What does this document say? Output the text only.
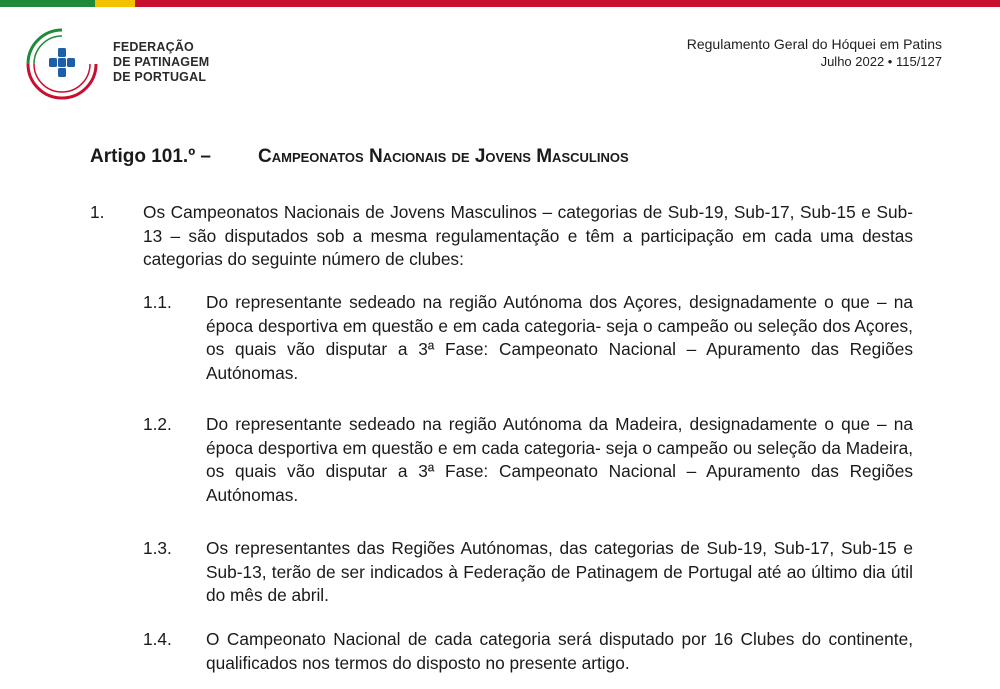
FEDERAÇÃO
DE PATINAGEM
DE PORTUGAL
Regulamento Geral do Hóquei em Patins
Julho 2022 • 115/127
Artigo 101.º – Campeonatos Nacionais de Jovens Masculinos
1. Os Campeonatos Nacionais de Jovens Masculinos – categorias de Sub-19, Sub-17, Sub-15 e Sub-13 – são disputados sob a mesma regulamentação e têm a participação em cada uma destas categorias do seguinte número de clubes:
1.1. Do representante sedeado na região Autónoma dos Açores, designadamente o que – na época desportiva em questão e em cada categoria- seja o campeão ou seleção dos Açores, os quais vão disputar a 3ª Fase: Campeonato Nacional – Apuramento das Regiões Autónomas.
1.2. Do representante sedeado na região Autónoma da Madeira, designadamente o que – na época desportiva em questão e em cada categoria- seja o campeão ou seleção da Madeira, os quais vão disputar a 3ª Fase: Campeonato Nacional – Apuramento das Regiões Autónomas.
1.3. Os representantes das Regiões Autónomas, das categorias de Sub-19, Sub-17, Sub-15 e Sub-13, terão de ser indicados à Federação de Patinagem de Portugal até ao último dia útil do mês de abril.
1.4. O Campeonato Nacional de cada categoria será disputado por 16 Clubes do continente, qualificados nos termos do disposto no presente artigo.
